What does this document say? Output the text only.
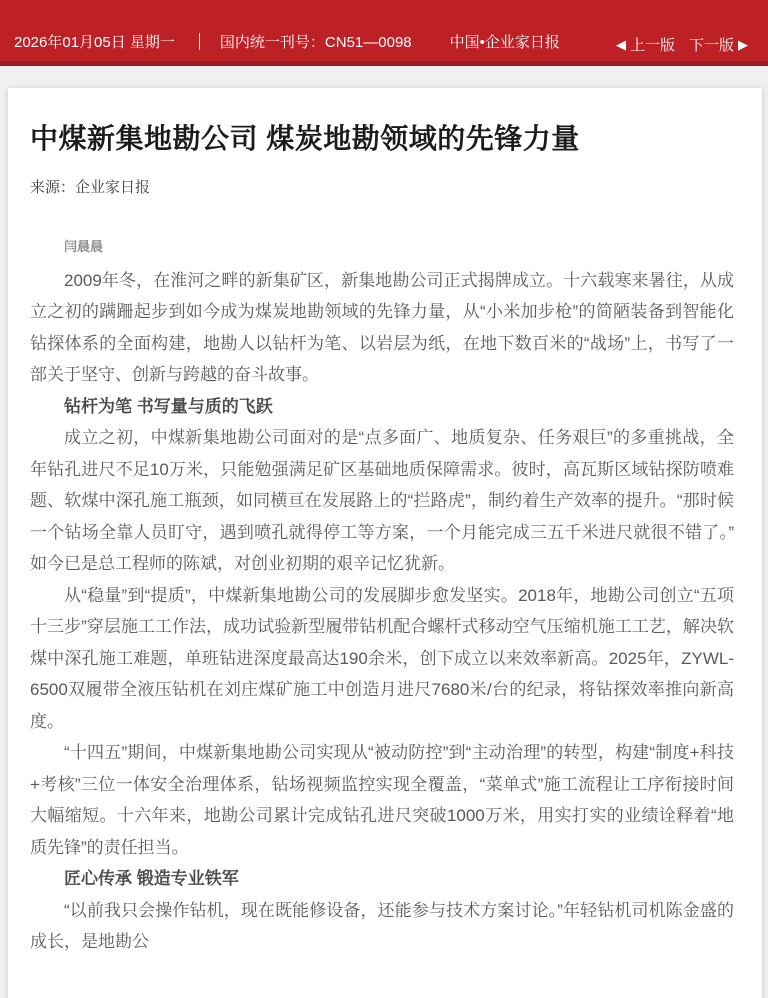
2026年01月05日 星期一	国内统一刊号：CN51—0098	中国•企业家日报	◀ 上一版 下一版 ▶
中煤新集地勘公司 煤炭地勘领域的先锋力量
来源：企业家日报
闫晨晨

2009年冬，在淮河之畔的新集矿区，新集地勘公司正式揭牌成立。十六载寒来暑往，从成立之初的蹒跚起步到如今成为煤炭地勘领域的先锋力量，从“小米加步枪”的简陋装备到智能化钻探体系的全面构建，地勘人以钻杆为笔、以岩层为纸，在地下数百米的“战场”上，书写了一部关于坚守、创新与跨越的奋斗故事。

钻杆为笔 书写量与质的飞跃

成立之初，中煤新集地勘公司面对的是“点多面广、地质复杂、任务艰巨”的多重挑战，全年钻孔进尺不足10万米，只能勉强满足矿区基础地质保障需求。彼时，高瓦斯区域钻探防喷难题、软煤中深孔施工瓶颈，如同横亘在发展路上的“拦路虎”，制约着生产效率的提升。“那时候一个钻场全靠人员盯守，遇到喷孔就得停工等方案，一个月能完成三五千米进尺就很不错了。”如今已是总工程师的陈斌，对创业初期的艰辛记忆犹新。

从“稳量”到“提质”，中煤新集地勘公司的发展脚步愈发坚实。2018年，地勘公司创立“五项十三步”穿层施工工作法，成功试验新型履带钻机配合螺杆式移动空气压缩机施工工艺，解决软煤中深孔施工难题，单班钻进深度最高达190余米，创下成立以来效率新高。2025年，ZYWL-6500双履带全液压钻机在刘庄煤矿施工中创造月进尺7680米/台的纪录，将钻探效率推向新高度。

“十四五”期间，中煤新集地勘公司实现从“被动防控”到“主动治理”的转型，构建“制度+科技+考核”三位一体安全治理体系，钻场视频监控实现全覆盖，“菜单式”施工流程让工序衔接时间大幅缩短。十六年来，地勘公司累计完成钻孔进尺突破1000万米，用实打实的业绩诠释着“地质先锋”的责任担当。

匠心传承 锻造专业铁军

“以前我只会操作钻机，现在既能修设备，还能参与技术方案讨论。”年轻钻机司机陈金盛的成长，是地勘公
